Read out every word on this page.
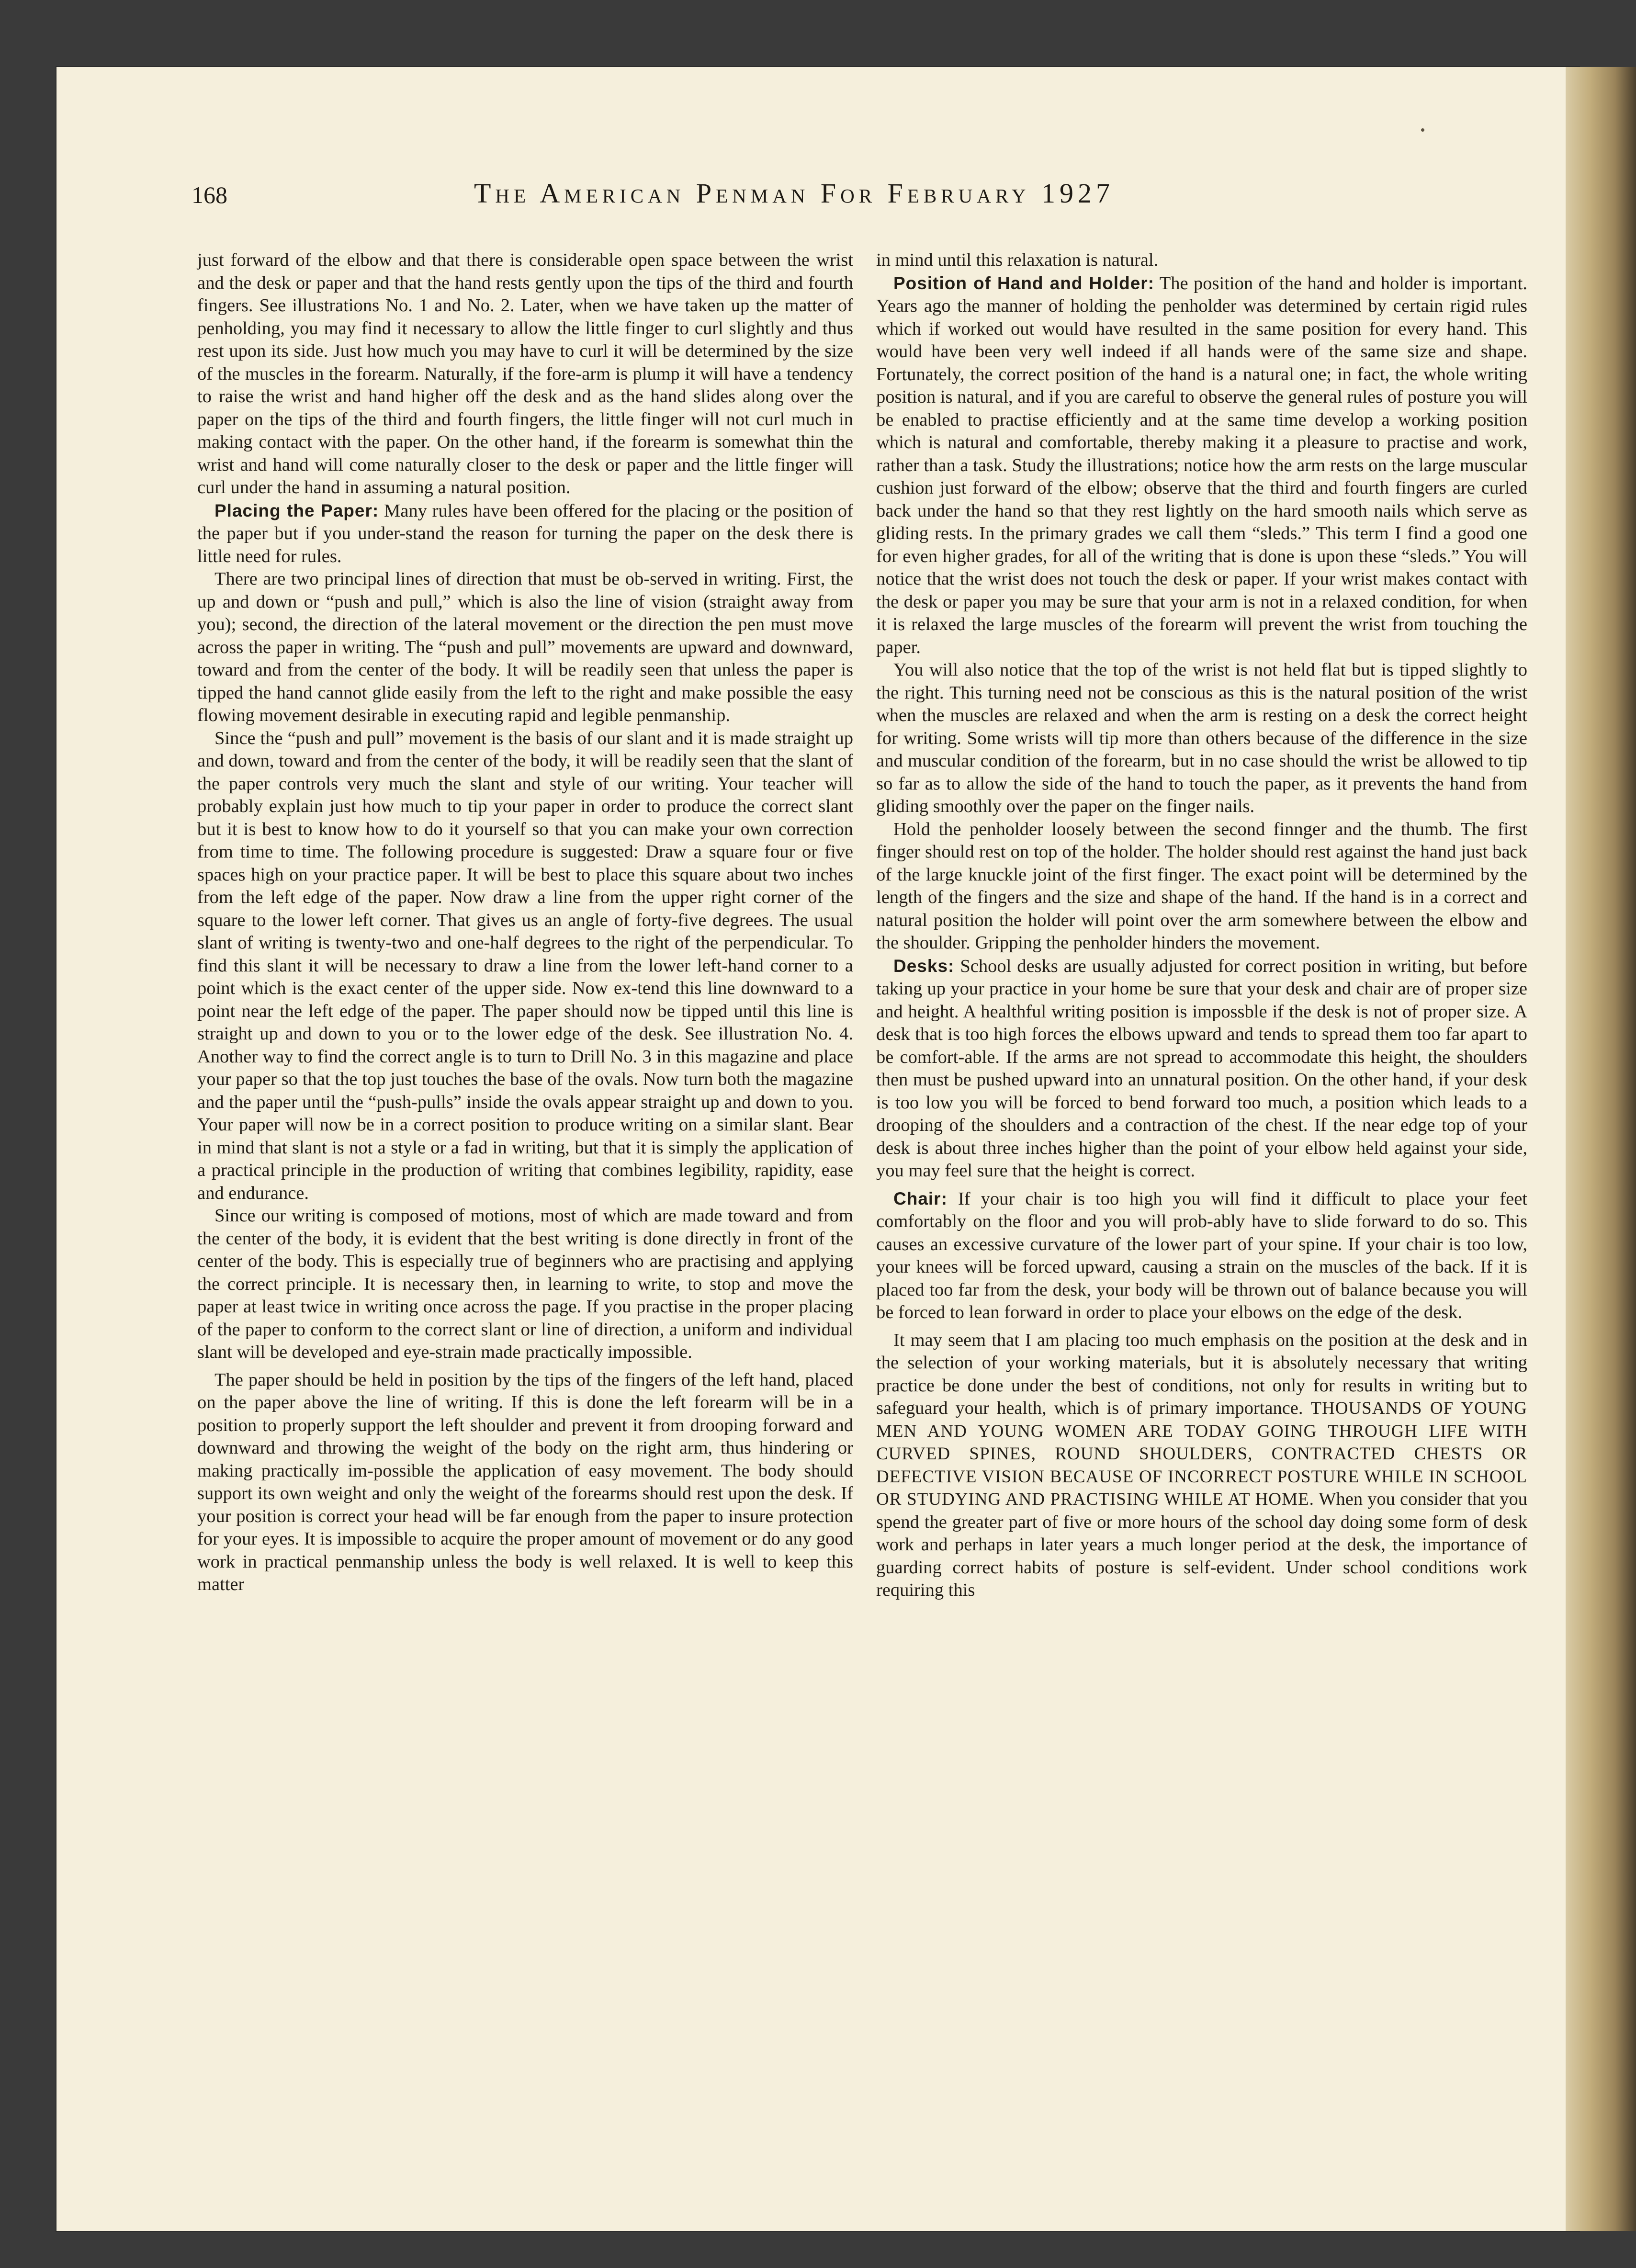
168	The American Penman For February 1927

just forward of the elbow and that there is considerable open space between the wrist and the desk or paper and that the hand rests gently upon the tips of the third and fourth fingers. See illustrations No. 1 and No. 2. Later, when we have taken up the matter of penholding, you may find it necessary to allow the little finger to curl slightly and thus rest upon its side. Just how much you may have to curl it will be determined by the size of the muscles in the forearm. Naturally, if the fore-arm is plump it will have a tendency to raise the wrist and hand higher off the desk and as the hand slides along over the paper on the tips of the third and fourth fingers, the little finger will not curl much in making contact with the paper. On the other hand, if the forearm is somewhat thin the wrist and hand will come naturally closer to the desk or paper and the little finger will curl under the hand in assuming a natural position.

Placing the Paper: Many rules have been offered for the placing or the position of the paper but if you under-stand the reason for turning the paper on the desk there is little need for rules.

There are two principal lines of direction that must be ob-served in writing. First, the up and down or “push and pull,” which is also the line of vision (straight away from you); second, the direction of the lateral movement or the direction the pen must move across the paper in writing. The “push and pull” movements are upward and downward, toward and from the center of the body. It will be readily seen that unless the paper is tipped the hand cannot glide easily from the left to the right and make possible the easy flowing movement desirable in executing rapid and legible penmanship.

Since the “push and pull” movement is the basis of our slant and it is made straight up and down, toward and from the center of the body, it will be readily seen that the slant of the paper controls very much the slant and style of our writing. Your teacher will probably explain just how much to tip your paper in order to produce the correct slant but it is best to know how to do it yourself so that you can make your own correction from time to time. The following procedure is suggested: Draw a square four or five spaces high on your practice paper. It will be best to place this square about two inches from the left edge of the paper. Now draw a line from the upper right corner of the square to the lower left corner. That gives us an angle of forty-five degrees. The usual slant of writing is twenty-two and one-half degrees to the right of the perpendicular. To find this slant it will be necessary to draw a line from the lower left-hand corner to a point which is the exact center of the upper side. Now ex-tend this line downward to a point near the left edge of the paper. The paper should now be tipped until this line is straight up and down to you or to the lower edge of the desk. See illustration No. 4. Another way to find the correct angle is to turn to Drill No. 3 in this magazine and place your paper so that the top just touches the base of the ovals. Now turn both the magazine and the paper until the “push-pulls” inside the ovals appear straight up and down to you. Your paper will now be in a correct position to produce writing on a similar slant. Bear in mind that slant is not a style or a fad in writing, but that it is simply the application of a practical principle in the production of writing that combines legibility, rapidity, ease and endurance.

Since our writing is composed of motions, most of which are made toward and from the center of the body, it is evident that the best writing is done directly in front of the center of the body. This is especially true of beginners who are practising and applying the correct principle. It is necessary then, in learning to write, to stop and move the paper at least twice in writing once across the page. If you practise in the proper placing of the paper to conform to the correct slant or line of direction, a uniform and individual slant will be developed and eye-strain made practically impossible.

The paper should be held in position by the tips of the fingers of the left hand, placed on the paper above the line of writing. If this is done the left forearm will be in a position to properly support the left shoulder and prevent it from drooping forward and downward and throwing the weight of the body on the right arm, thus hindering or making practically im-possible the application of easy movement. The body should support its own weight and only the weight of the forearms should rest upon the desk. If your position is correct your head will be far enough from the paper to insure protection for your eyes. It is impossible to acquire the proper amount of movement or do any good work in practical penmanship unless the body is well relaxed. It is well to keep this matter

in mind until this relaxation is natural.

Position of Hand and Holder: The position of the hand and holder is important. Years ago the manner of holding the penholder was determined by certain rigid rules which if worked out would have resulted in the same position for every hand. This would have been very well indeed if all hands were of the same size and shape. Fortunately, the correct position of the hand is a natural one; in fact, the whole writing position is natural, and if you are careful to observe the general rules of posture you will be enabled to practise efficiently and at the same time develop a working position which is natural and comfortable, thereby making it a pleasure to practise and work, rather than a task. Study the illustrations; notice how the arm rests on the large muscular cushion just forward of the elbow; observe that the third and fourth fingers are curled back under the hand so that they rest lightly on the hard smooth nails which serve as gliding rests. In the primary grades we call them “sleds.” This term I find a good one for even higher grades, for all of the writing that is done is upon these “sleds.” You will notice that the wrist does not touch the desk or paper. If your wrist makes contact with the desk or paper you may be sure that your arm is not in a relaxed condition, for when it is relaxed the large muscles of the forearm will prevent the wrist from touching the paper.

You will also notice that the top of the wrist is not held flat but is tipped slightly to the right. This turning need not be conscious as this is the natural position of the wrist when the muscles are relaxed and when the arm is resting on a desk the correct height for writing. Some wrists will tip more than others because of the difference in the size and muscular condition of the forearm, but in no case should the wrist be allowed to tip so far as to allow the side of the hand to touch the paper, as it prevents the hand from gliding smoothly over the paper on the finger nails.

Hold the penholder loosely between the second finnger and the thumb. The first finger should rest on top of the holder. The holder should rest against the hand just back of the large knuckle joint of the first finger. The exact point will be determined by the length of the fingers and the size and shape of the hand. If the hand is in a correct and natural position the holder will point over the arm somewhere between the elbow and the shoulder. Gripping the penholder hinders the movement.

Desks: School desks are usually adjusted for correct position in writing, but before taking up your practice in your home be sure that your desk and chair are of proper size and height. A healthful writing position is impossble if the desk is not of proper size. A desk that is too high forces the elbows upward and tends to spread them too far apart to be comfort-able. If the arms are not spread to accommodate this height, the shoulders then must be pushed upward into an unnatural position. On the other hand, if your desk is too low you will be forced to bend forward too much, a position which leads to a drooping of the shoulders and a contraction of the chest. If the near edge top of your desk is about three inches higher than the point of your elbow held against your side, you may feel sure that the height is correct.

Chair: If your chair is too high you will find it difficult to place your feet comfortably on the floor and you will prob-ably have to slide forward to do so. This causes an excessive curvature of the lower part of your spine. If your chair is too low, your knees will be forced upward, causing a strain on the muscles of the back. If it is placed too far from the desk, your body will be thrown out of balance because you will be forced to lean forward in order to place your elbows on the edge of the desk.

It may seem that I am placing too much emphasis on the position at the desk and in the selection of your working materials, but it is absolutely necessary that writing practice be done under the best of conditions, not only for results in writing but to safeguard your health, which is of primary importance. THOUSANDS OF YOUNG MEN AND YOUNG WOMEN ARE TODAY GOING THROUGH LIFE WITH CURVED SPINES, ROUND SHOULDERS, CONTRACTED CHESTS OR DEFECTIVE VISION BECAUSE OF INCORRECT POSTURE WHILE IN SCHOOL OR STUDYING AND PRACTISING WHILE AT HOME. When you consider that you spend the greater part of five or more hours of the school day doing some form of desk work and perhaps in later years a much longer period at the desk, the importance of guarding correct habits of posture is self-evident. Under school conditions work requiring this
